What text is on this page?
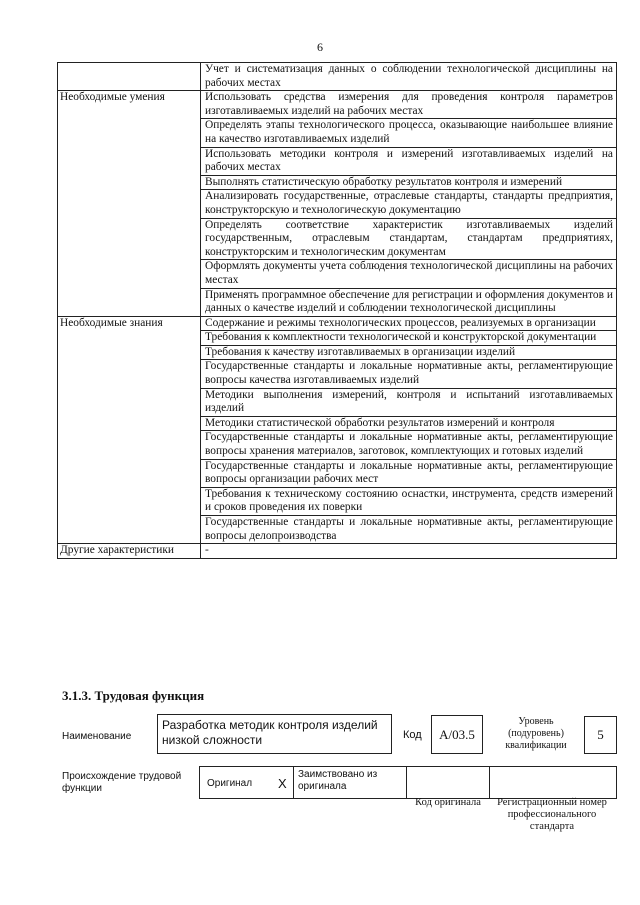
6
	Учет и систематизация данных о соблюдении технологической дисциплины на рабочих местах
Необходимые умения	Использовать средства измерения для проведения контроля параметров изготавливаемых изделий на рабочих местах
	Определять этапы технологического процесса, оказывающие наибольшее влияние на качество изготавливаемых изделий
	Использовать методики контроля и измерений изготавливаемых изделий на рабочих местах
	Выполнять статистическую обработку результатов контроля и измерений
	Анализировать государственные, отраслевые стандарты, стандарты предприятия, конструкторскую и технологическую документацию
	Определять соответствие характеристик изготавливаемых изделий государственным, отраслевым стандартам, стандартам предприятиях, конструкторским и технологическим документам
	Оформлять документы учета соблюдения технологической дисциплины на рабочих местах
	Применять программное обеспечение для регистрации и оформления документов и данных о качестве изделий и соблюдении технологической дисциплины
Необходимые знания	Содержание и режимы технологических процессов, реализуемых в организации
	Требования к комплектности технологической и конструкторской документации
	Требования к качеству изготавливаемых в организации изделий
	Государственные стандарты и локальные нормативные акты, регламентирующие вопросы качества изготавливаемых изделий
	Методики выполнения измерений, контроля и испытаний изготавливаемых изделий
	Методики статистической обработки результатов измерений и контроля
	Государственные стандарты и локальные нормативные акты, регламентирующие вопросы хранения материалов, заготовок, комплектующих и готовых изделий
	Государственные стандарты и локальные нормативные акты, регламентирующие вопросы организации рабочих мест
	Требования к техническому состоянию оснастки, инструмента, средств измерений и сроков проведения их поверки
	Государственные стандарты и локальные нормативные акты, регламентирующие вопросы делопроизводства
Другие характеристики	-
3.1.3. Трудовая функция
Наименование
Разработка методик контроля изделий низкой сложности	Код	A/03.5
Уровень (подуровень) квалификации
5
Происхождение трудовой функции	Оригинал X
Заимствовано из оригинала
Код оригинала	Регистрационный номер профессионального стандарта
